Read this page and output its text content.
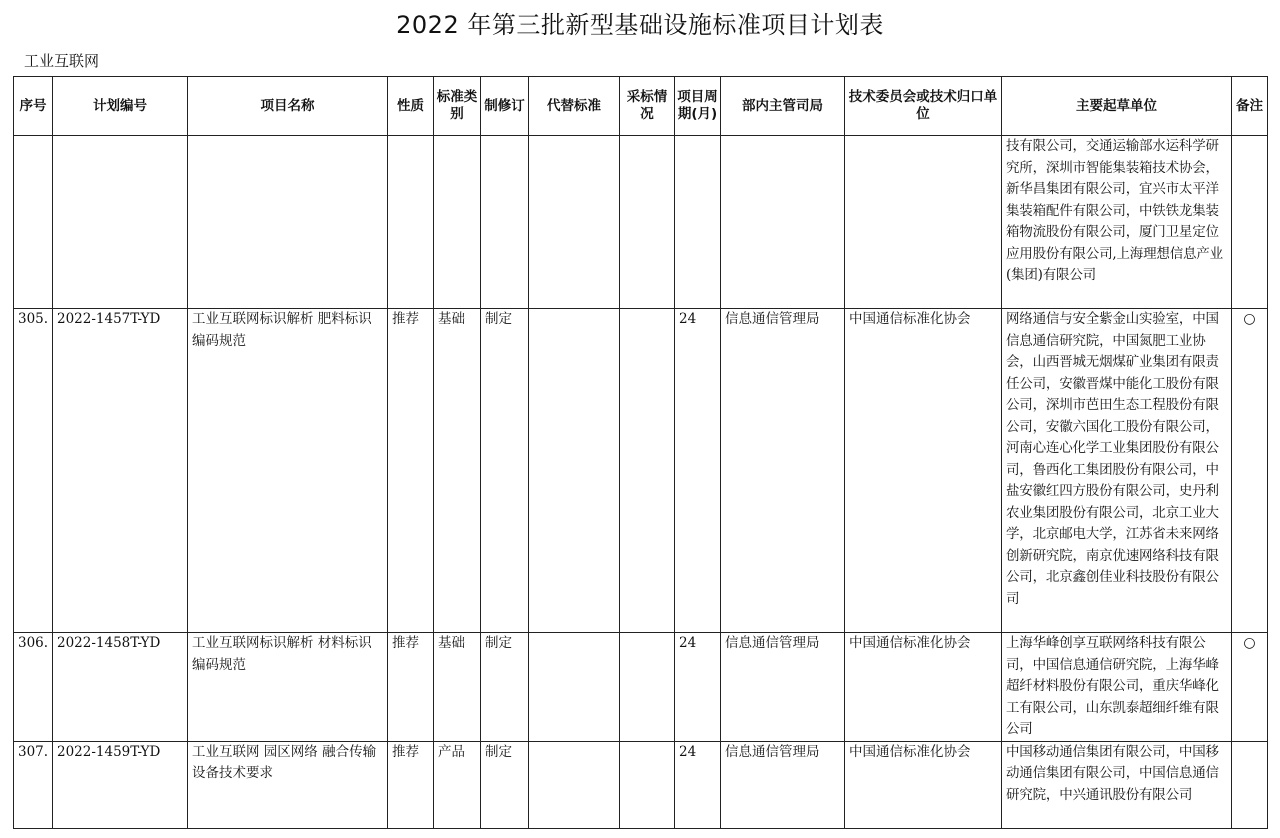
2022 年第三批新型基础设施标准项目计划表
工业互联网
序号	计划编号	项目名称	性质	标准类别	制修订	代替标准	采标情况	项目周期(月)	部内主管司局	技术委员会或技术归口单位	主要起草单位	备注
											技有限公司，交通运输部水运科学研究所，深圳市智能集装箱技术协会，新华昌集团有限公司，宜兴市太平洋集装箱配件有限公司，中铁铁龙集装箱物流股份有限公司，厦门卫星定位应用股份有限公司,上海理想信息产业(集团)有限公司	
305.	2022-1457T-YD	工业互联网标识解析 肥料标识编码规范	推荐	基础	制定			24	信息通信管理局	中国通信标准化协会	网络通信与安全紫金山实验室，中国信息通信研究院，中国氮肥工业协会，山西晋城无烟煤矿业集团有限责任公司，安徽晋煤中能化工股份有限公司，深圳市芭田生态工程股份有限公司，安徽六国化工股份有限公司，河南心连心化学工业集团股份有限公司，鲁西化工集团股份有限公司，中盐安徽红四方股份有限公司，史丹利农业集团股份有限公司，北京工业大学，北京邮电大学，江苏省未来网络创新研究院，南京优速网络科技有限公司，北京鑫创佳业科技股份有限公司	○
306.	2022-1458T-YD	工业互联网标识解析 材料标识编码规范	推荐	基础	制定			24	信息通信管理局	中国通信标准化协会	上海华峰创享互联网络科技有限公司，中国信息通信研究院，上海华峰超纤材料股份有限公司，重庆华峰化工有限公司，山东凯泰超细纤维有限公司	○
307.	2022-1459T-YD	工业互联网 园区网络 融合传输设备技术要求	推荐	产品	制定			24	信息通信管理局	中国通信标准化协会	中国移动通信集团有限公司，中国移动通信集团有限公司，中国信息通信研究院，中兴通讯股份有限公司	
